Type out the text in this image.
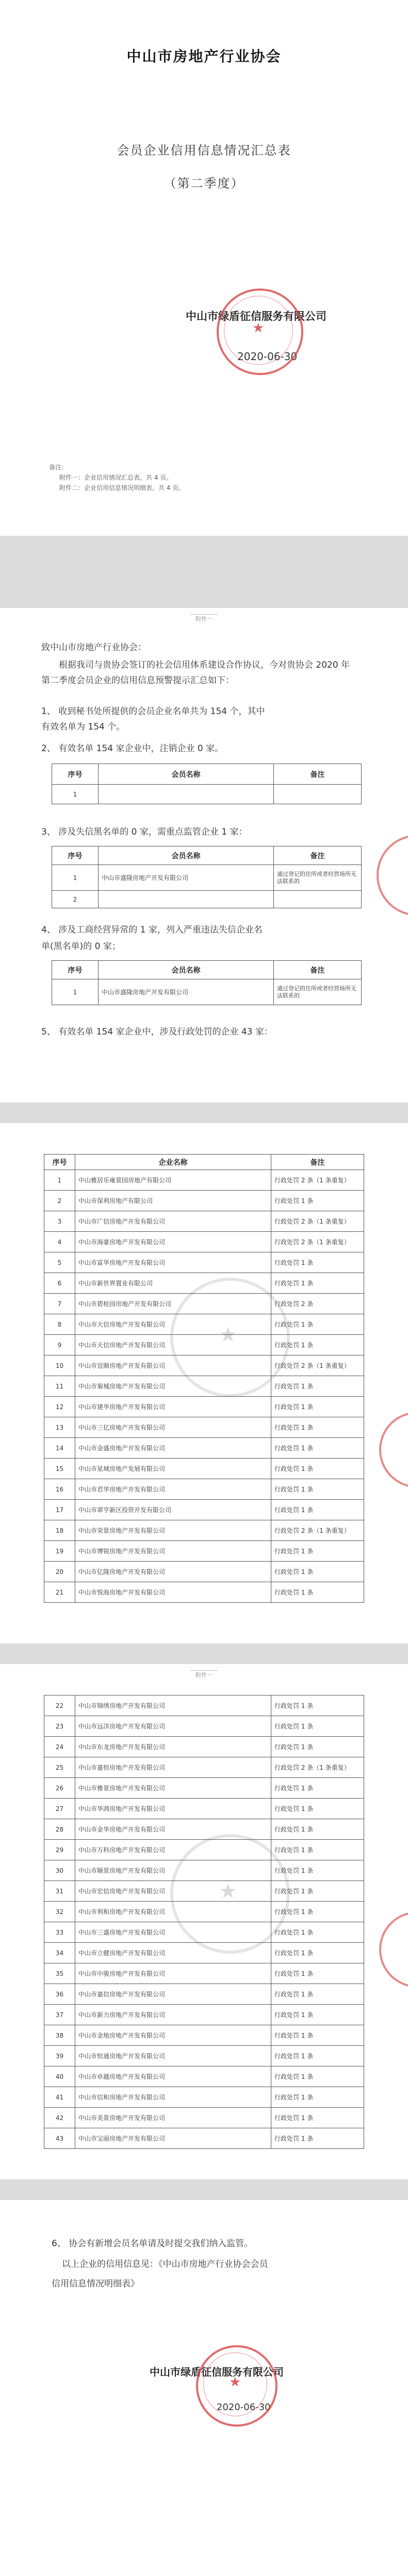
中山市房地产行业协会
会员企业信用信息情况汇总表
（第二季度）
中山市绿盾征信服务有限公司
2020-06-30
★
备注：
附件一：企业信用情况汇总表，共 4 页。
附件二：企业信用信息情况明细表，共 4 页。
附件一
致中山市房地产行业协会：
根据我司与贵协会签订的社会信用体系建设合作协议，今对贵协会 2020 年第二季度会员企业的信用信息预警提示汇总如下：
1、 收到秘书处所提供的会员企业名单共为 154 个，其中
有效名单为 154 个。
2、 有效名单 154 家企业中，注销企业 0 家。
序号	会员名称	备注
1		
3、 涉及失信黑名单的 0 家，需重点监管企业 1 家：
序号	会员名称	备注
1	中山市盛隆房地产开发有限公司	通过登记的住所或者经营场所无法联系的
2		
4、 涉及工商经营异常的 1 家，列入严重违法失信企业名
单(黑名单)的 0 家；
序号	会员名称	备注
1	中山市盛隆房地产开发有限公司	通过登记的住所或者经营场所无法联系的
5、 有效名单 154 家企业中，涉及行政处罚的企业 43 家：
★
序号	企业名称	备注
1	中山雅居乐雍景园房地产有限公司	行政处罚 2 条（1 条重复）
2	中山市保利房地产有限公司	行政处罚 1 条
3	中山市广信房地产开发有限公司	行政处罚 2 条（1 条重复）
4	中山市海豪房地产开发有限公司	行政处罚 2 条（1 条重复）
5	中山市富华房地产开发有限公司	行政处罚 1 条
6	中山市新世界置业有限公司	行政处罚 1 条
7	中山市碧桂园房地产开发有限公司	行政处罚 2 条
8	中山市大信房地产开发有限公司	行政处罚 1 条
9	中山市天信房地产开发有限公司	行政处罚 1 条
10	中山市宜顺房地产开发有限公司	行政处罚 2 条（1 条重复）
11	中山市菊城房地产开发有限公司	行政处罚 1 条
12	中山市建华房地产开发有限公司	行政处罚 1 条
13	中山市三亿房地产开发有限公司	行政处罚 1 条
14	中山市金盛房地产开发有限公司	行政处罚 1 条
15	中山市星域房地产发展有限公司	行政处罚 1 条
16	中山市君华房地产开发有限公司	行政处罚 1 条
17	中山市翠亨新区投资开发有限公司	行政处罚 1 条
18	中山市荣景房地产开发有限公司	行政处罚 2 条（1 条重复）
19	中山市博锐房地产开发有限公司	行政处罚 1 条
20	中山市亿隆房地产开发有限公司	行政处罚 1 条
21	中山市悦海房地产开发有限公司	行政处罚 1 条
附件一
★
22	中山市锦绣房地产开发有限公司	行政处罚 1 条
23	中山市远洋房地产开发有限公司	行政处罚 1 条
24	中山市东龙房地产开发有限公司	行政处罚 1 条
25	中山市嘉恒房地产开发有限公司	行政处罚 2 条（1 条重复）
26	中山市雅景房地产开发有限公司	行政处罚 1 条
27	中山市华鸿房地产开发有限公司	行政处罚 1 条
28	中山市金华房地产开发有限公司	行政处罚 1 条
29	中山市万科房地产开发有限公司	行政处罚 1 条
30	中山市顺景房地产开发有限公司	行政处罚 1 条
31	中山市宏信房地产开发有限公司	行政处罚 1 条
32	中山市利和房地产开发有限公司	行政处罚 1 条
33	中山市三盛房地产开发有限公司	行政处罚 1 条
34	中山市立健房地产开发有限公司	行政处罚 1 条
35	中山市中骏房地产开发有限公司	行政处罚 1 条
36	中山市嘉信房地产开发有限公司	行政处罚 1 条
37	中山市新力房地产开发有限公司	行政处罚 1 条
38	中山市金地房地产开发有限公司	行政处罚 1 条
39	中山市恒通房地产开发有限公司	行政处罚 1 条
40	中山市卓越房地产开发有限公司	行政处罚 1 条
41	中山市信和房地产开发有限公司	行政处罚 1 条
42	中山市美景房地产开发有限公司	行政处罚 1 条
43	中山市宝丽房地产开发有限公司	行政处罚 1 条
6、 协会有新增会员名单请及时提交我们纳入监管。
以上企业的信用信息见：《中山市房地产行业协会会员
信用信息情况明细表》
中山市绿盾征信服务有限公司
2020-06-30
★
